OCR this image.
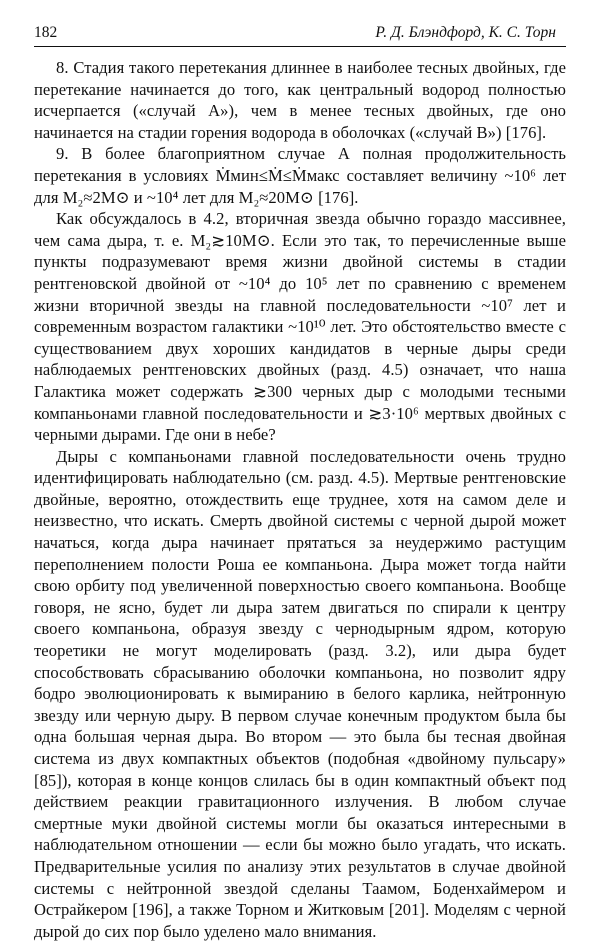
182	Р. Д. Блэндфорд, К. С. Торн

8. Стадия такого перетекания длиннее в наиболее тесных двойных, где перетекание начинается до того, как центральный водород полностью исчерпается («случай А»), чем в менее тесных двойных, где оно начинается на стадии горения водорода в оболочках («случай В») [176].

9. В более благоприятном случае А полная продолжительность перетекания в условиях Ṁмин≤Ṁ≤Ṁмакс составляет величину ~10⁶ лет для M₂≈2M⊙ и ~10⁴ лет для M₂≈20M⊙ [176].

Как обсуждалось в 4.2, вторичная звезда обычно гораздо массивнее, чем сама дыра, т. е. M₂≳10M⊙. Если это так, то перечисленные выше пункты подразумевают время жизни двойной системы в стадии рентгеновской двойной от ~10⁴ до 10⁵ лет по сравнению с временем жизни вторичной звезды на главной последовательности ~10⁷ лет и современным возрастом галактики ~10¹⁰ лет. Это обстоятельство вместе с существованием двух хороших кандидатов в черные дыры среди наблюдаемых рентгеновских двойных (разд. 4.5) означает, что наша Галактика может содержать ≳300 черных дыр с молодыми тесными компаньонами главной последовательности и ≳3·10⁶ мертвых двойных с черными дырами. Где они в небе?

Дыры с компаньонами главной последовательности очень трудно идентифицировать наблюдательно (см. разд. 4.5). Мертвые рентгеновские двойные, вероятно, отождествить еще труднее, хотя на самом деле и неизвестно, что искать. Смерть двойной системы с черной дырой может начаться, когда дыра начинает прятаться за неудержимо растущим переполнением полости Роша ее компаньона. Дыра может тогда найти свою орбиту под увеличенной поверхностью своего компаньона. Вообще говоря, не ясно, будет ли дыра затем двигаться по спирали к центру своего компаньона, образуя звезду с чернодырным ядром, которую теоретики не могут моделировать (разд. 3.2), или дыра будет способствовать сбрасыванию оболочки компаньона, но позволит ядру бодро эволюционировать к вымиранию в белого карлика, нейтронную звезду или черную дыру. В первом случае конечным продуктом была бы одна большая черная дыра. Во втором — это была бы тесная двойная система из двух компактных объектов (подобная «двойному пульсару» [85]), которая в конце концов слилась бы в один компактный объект под действием реакции гравитационного излучения. В любом случае смертные муки двойной системы могли бы оказаться интересными в наблюдательном отношении — если бы можно было угадать, что искать. Предварительные усилия по анализу этих результатов в случае двойной системы с нейтронной звездой сделаны Таамом, Боденхаймером и Острайкером [196], а также Торном и Житковым [201]. Моделям с черной дырой до сих пор было уделено мало внимания.
